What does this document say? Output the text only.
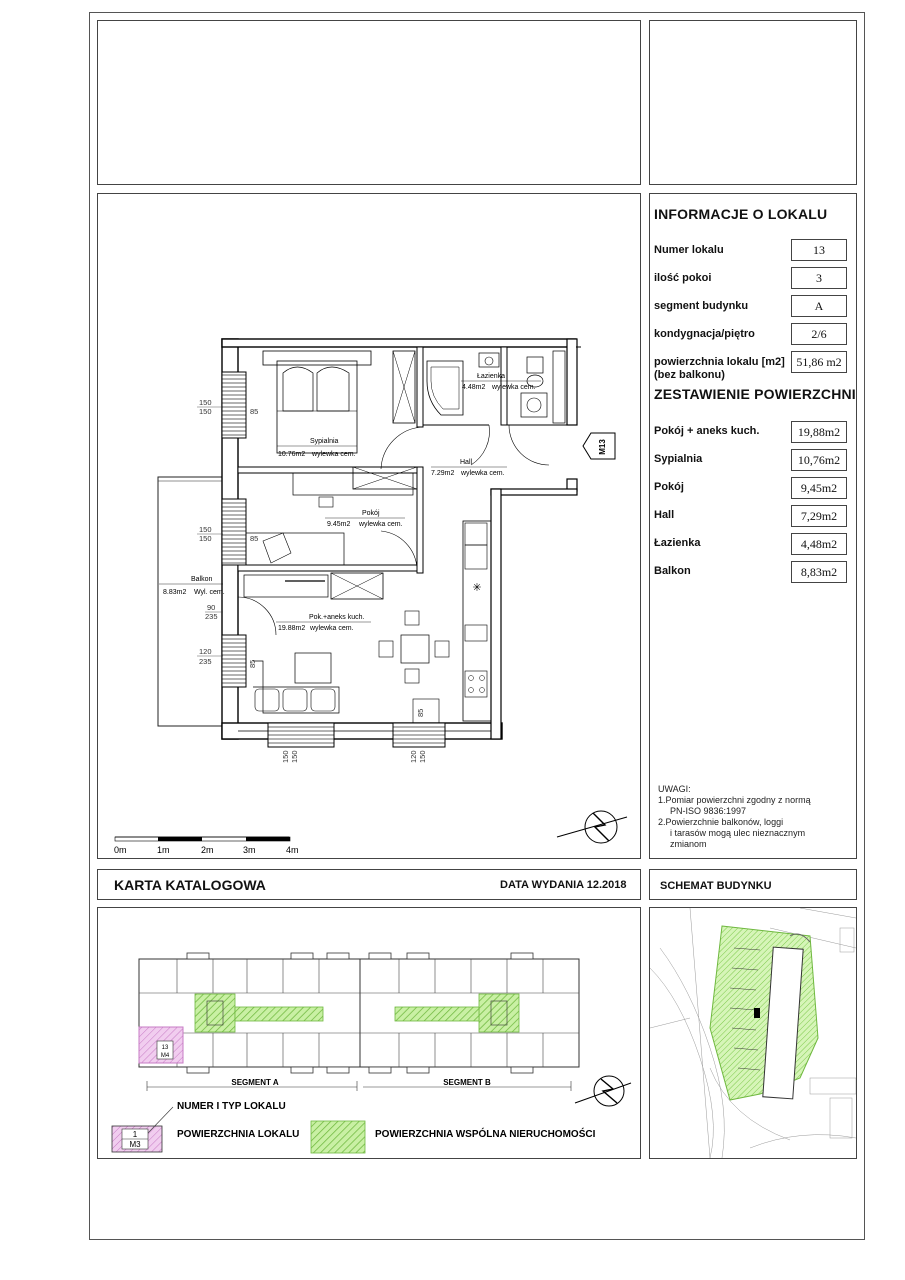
✳
Sypialnia
10.76m2 wylewka cem.
Łazienka
4.48m2 wylewka cem.
Hall
7.29m2 wylewka cem.
Pokój
9.45m2 wylewka cem.
Balkon
8.83m2 Wyl. cem.
Pok.+aneks kuch.
19.88m2 wylewka cem.
150
150	85
150
150	85
90
235
120
235	85
85
150 150	120 150
M13
0m	1m	2m	3m	4m
INFORMACJE O LOKALU
Numer lokalu	13
ilość pokoi	3
segment budynku	A
kondygnacja/piętro	2/6
powierzchnia lokalu [m2]
(bez balkonu)
51,86 m2
ZESTAWIENIE POWIERZCHNI
Pokój + aneks kuch.	19,88m2
Sypialnia	10,76m2
Pokój	9,45m2
Hall	7,29m2
Łazienka	4,48m2
Balkon	8,83m2
UWAGI:
1.Pomiar powierzchni zgodny z normą
PN-ISO 9836:1997
2.Powierzchnie balkonów, loggi
i tarasów mogą ulec nieznacznym
zmianom
KARTA KATALOGOWA	DATA WYDANIA 12.2018	SCHEMAT BUDYNKU
13
M4
SEGMENT A	SEGMENT B
1
M3
NUMER I TYP LOKALU
POWIERZCHNIA LOKALU	POWIERZCHNIA WSPÓLNA NIERUCHOMOŚCI
